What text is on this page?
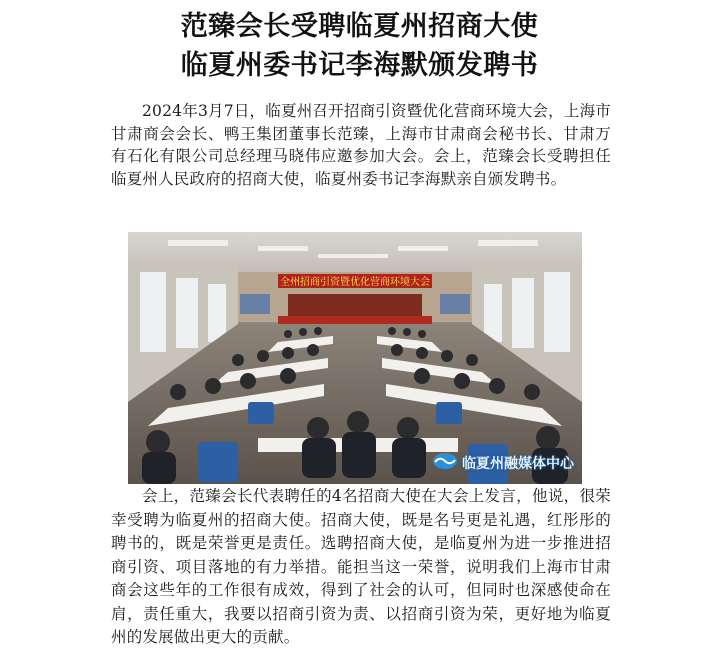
范臻会长受聘临夏州招商大使
临夏州委书记李海默颁发聘书

2024年3月7日，临夏州召开招商引资暨优化营商环境大会，上海市甘肃商会会长、鸭王集团董事长范臻，上海市甘肃商会秘书长、甘肃万有石化有限公司总经理马晓伟应邀参加大会。会上，范臻会长受聘担任临夏州人民政府的招商大使，临夏州委书记李海默亲自颁发聘书。

全州招商引资暨优化营商环境大会
临夏州融媒体中心

会上，范臻会长代表聘任的4名招商大使在大会上发言，他说，很荣幸受聘为临夏州的招商大使。招商大使，既是名号更是礼遇，红彤彤的聘书的，既是荣誉更是责任。选聘招商大使，是临夏州为进一步推进招商引资、项目落地的有力举措。能担当这一荣誉，说明我们上海市甘肃商会这些年的工作很有成效，得到了社会的认可，但同时也深感使命在肩，责任重大，我要以招商引资为责、以招商引资为荣，更好地为临夏州的发展做出更大的贡献。
